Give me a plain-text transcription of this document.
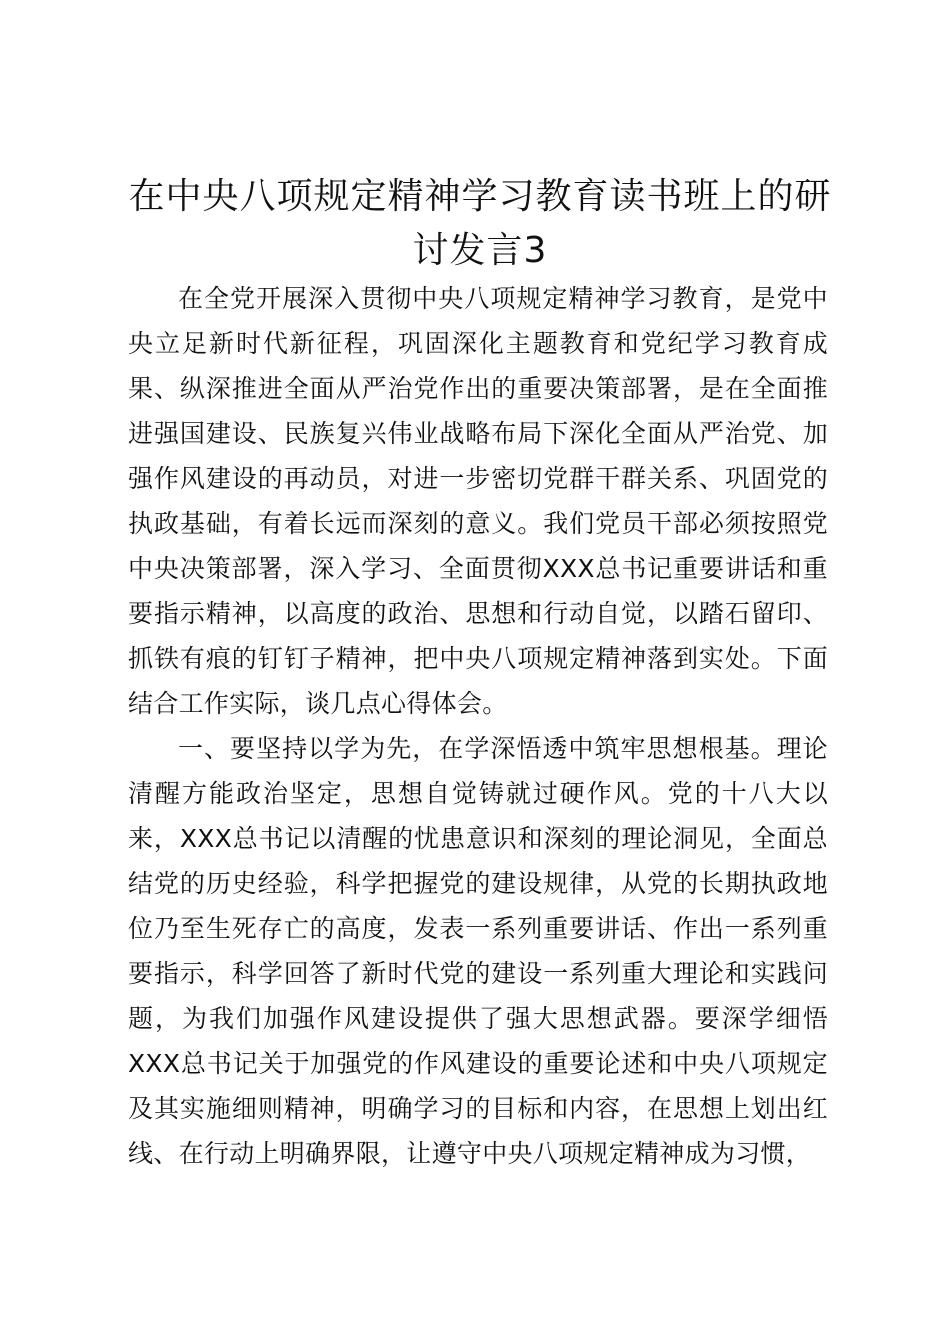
在中央八项规定精神学习教育读书班上的研讨发言3

在全党开展深入贯彻中央八项规定精神学习教育，是党中央立足新时代新征程，巩固深化主题教育和党纪学习教育成果、纵深推进全面从严治党作出的重要决策部署，是在全面推进强国建设、民族复兴伟业战略布局下深化全面从严治党、加强作风建设的再动员，对进一步密切党群干群关系、巩固党的执政基础，有着长远而深刻的意义。我们党员干部必须按照党中央决策部署，深入学习、全面贯彻XXX总书记重要讲话和重要指示精神，以高度的政治、思想和行动自觉，以踏石留印、抓铁有痕的钉钉子精神，把中央八项规定精神落到实处。下面结合工作实际，谈几点心得体会。

一、要坚持以学为先，在学深悟透中筑牢思想根基。理论清醒方能政治坚定，思想自觉铸就过硬作风。党的十八大以来，XXX总书记以清醒的忧患意识和深刻的理论洞见，全面总结党的历史经验，科学把握党的建设规律，从党的长期执政地位乃至生死存亡的高度，发表一系列重要讲话、作出一系列重要指示，科学回答了新时代党的建设一系列重大理论和实践问题，为我们加强作风建设提供了强大思想武器。要深学细悟XXX总书记关于加强党的作风建设的重要论述和中央八项规定及其实施细则精神，明确学习的目标和内容，在思想上划出红线、在行动上明确界限，让遵守中央八项规定精神成为习惯，
